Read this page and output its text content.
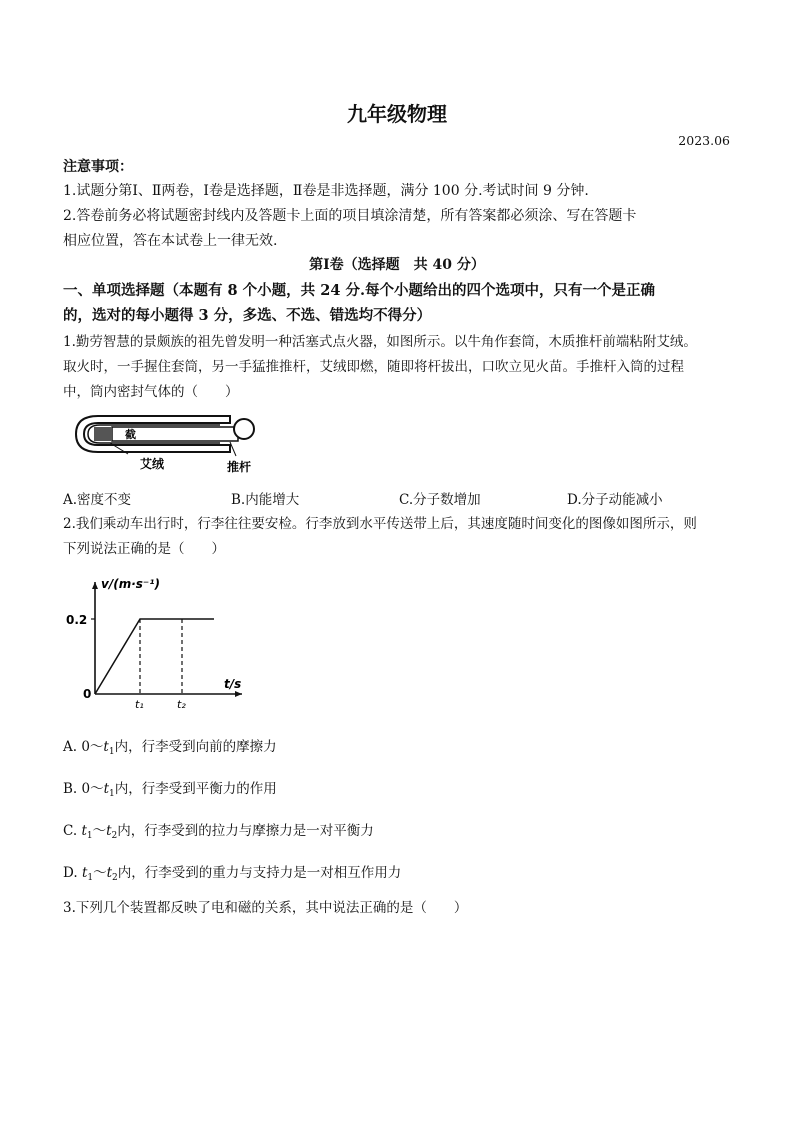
九年级物理
2023.06
注意事项：
1.试题分第Ⅰ、Ⅱ两卷，Ⅰ卷是选择题，Ⅱ卷是非选择题，满分 100 分.考试时间 9 分钟.
2.答卷前务必将试题密封线内及答题卡上面的项目填涂清楚，所有答案都必须涂、写在答题卡
相应位置，答在本试卷上一律无效.
第Ⅰ卷（选择题　共 40 分）
一、单项选择题（本题有 8 个小题，共 24 分.每个小题给出的四个选项中，只有一个是正确
的，选对的每小题得 3 分，多选、不选、错选均不得分）
1.勤劳智慧的景颇族的祖先曾发明一种活塞式点火器，如图所示。以牛角作套筒，木质推杆前端粘附艾绒。
取火时，一手握住套筒，另一手猛推推杆，艾绒即燃，随即将杆拔出，口吹立见火苗。手推杆入筒的过程
中，筒内密封气体的（　　）
截
艾绒	推杆
A.密度不变	B.内能增大	C.分子数增加	D.分子动能减小
2.我们乘动车出行时，行李往往要安检。行李放到水平传送带上后，其速度随时间变化的图像如图所示，则
下列说法正确的是（　　）
v/(m·s⁻¹)
t/s
0
0.2
t₁	t₂
A. $0\sim t_1$内，行李受到向前的摩擦力
B. $0\sim t_1$内，行李受到平衡力的作用
C. $t_1\sim t_2$内，行李受到的拉力与摩擦力是一对平衡力
D. $t_1\sim t_2$内，行李受到的重力与支持力是一对相互作用力
3.下列几个装置都反映了电和磁的关系，其中说法正确的是（　　）
